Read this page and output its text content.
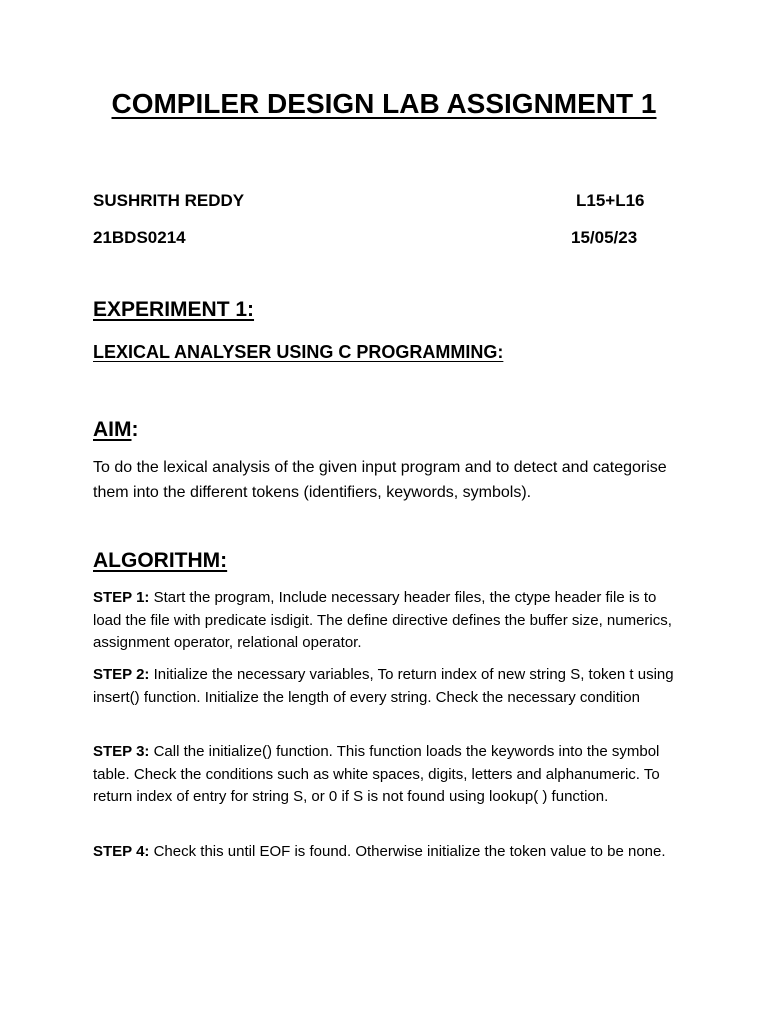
COMPILER DESIGN LAB ASSIGNMENT 1
SUSHRITH REDDY	L15+L16
21BDS0214	15/05/23
EXPERIMENT 1:
LEXICAL ANALYSER USING C PROGRAMMING:
AIM:
To do the lexical analysis of the given input program and to detect and categorise them into the different tokens (identifiers, keywords, symbols).
ALGORITHM:
STEP 1: Start the program, Include necessary header files, the ctype header file is to load the file with predicate isdigit. The define directive defines the buffer size, numerics, assignment operator, relational operator.
STEP 2: Initialize the necessary variables, To return index of new string S, token t using insert() function. Initialize the length of every string. Check the necessary condition
STEP 3: Call the initialize() function. This function loads the keywords into the symbol table. Check the conditions such as white spaces, digits, letters and alphanumeric. To return index of entry for string S, or 0 if S is not found using lookup( ) function.
STEP 4: Check this until EOF is found. Otherwise initialize the token value to be none.
